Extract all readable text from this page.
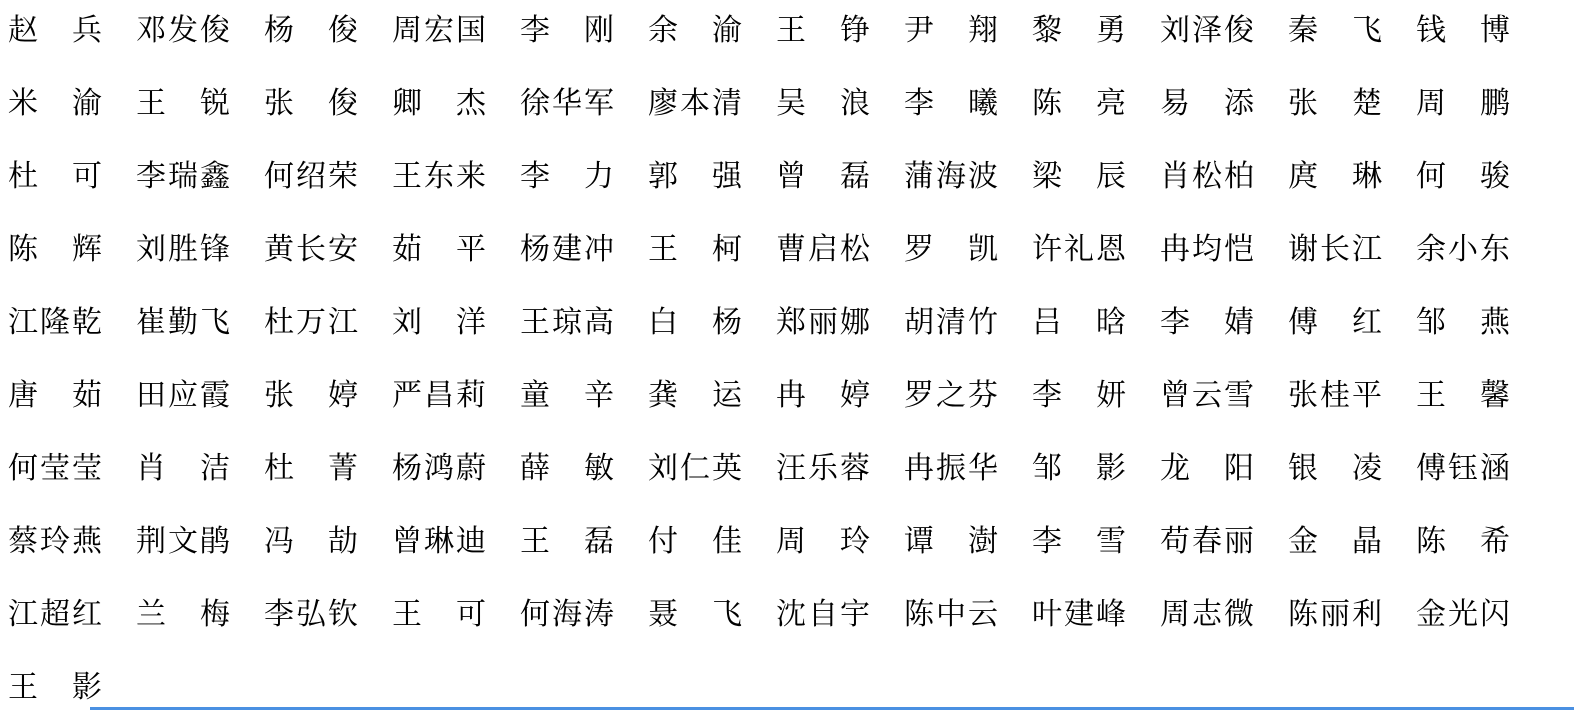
赵兵 邓发俊 杨俊 周宏国 李刚 余渝 王铮 尹翔 黎勇 刘泽俊 秦飞 钱博米渝 王锐 张俊 卿杰 徐华军 廖本清 吴浪 李曦 陈亮 易添 张楚 周鹏杜可 李瑞鑫 何绍荣 王东来 李力 郭强 曾磊 蒲海波 梁辰 肖松柏 庹琳 何骏陈辉 刘胜锋 黄长安 茹平 杨建冲 王柯 曹启松 罗凯 许礼恩 冉均恺 谢长江 余小东江隆乾 崔勤飞 杜万江 刘洋 王琼高 白杨 郑丽娜 胡清竹 吕晗 李婧 傅红 邹燕唐茹 田应霞 张婷 严昌莉 童辛 龚运 冉婷 罗之芬 李妍 曾云雪 张桂平 王馨何莹莹 肖洁 杜菁 杨鸿蔚 薛敏 刘仁英 汪乐蓉 冉振华 邹影 龙阳 银凌 傅钰涵蔡玲燕 荆文鹃 冯劼 曾琳迪 王磊 付佳 周玲 谭澍 李雪 苟春丽 金晶 陈希江超红 兰梅 李弘钦 王可 何海涛 聂飞 沈自宇 陈中云 叶建峰 周志微 陈丽利 金光闪王影
